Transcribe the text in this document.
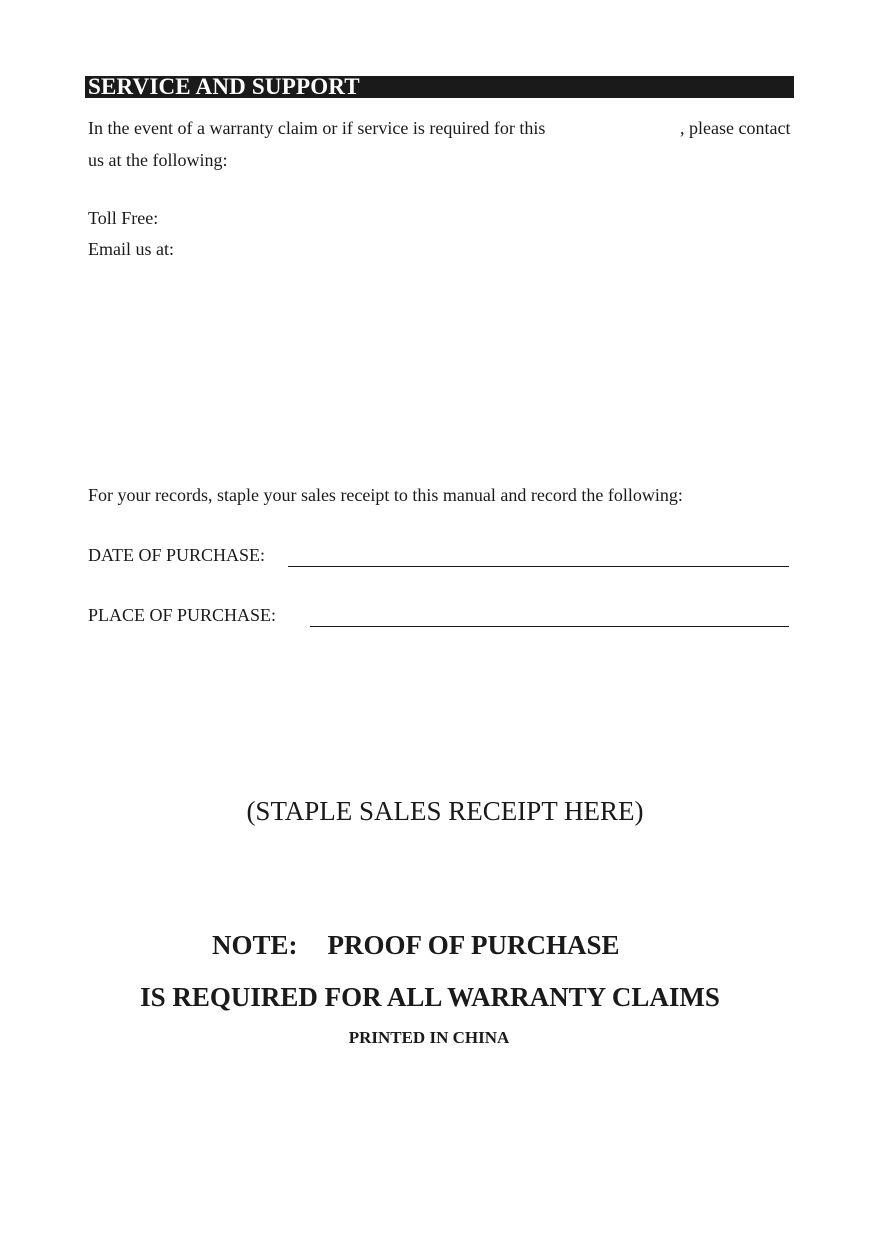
SERVICE AND SUPPORT
In the event of a warranty claim or if service is required for this	, please contact
us at the following:
Toll Free:
Email us at:
For your records, staple your sales receipt to this manual and record the following:
DATE OF PURCHASE:
PLACE OF PURCHASE:
(STAPLE SALES RECEIPT HERE)
NOTE: PROOF OF PURCHASE
IS REQUIRED FOR ALL WARRANTY CLAIMS
PRINTED IN CHINA
